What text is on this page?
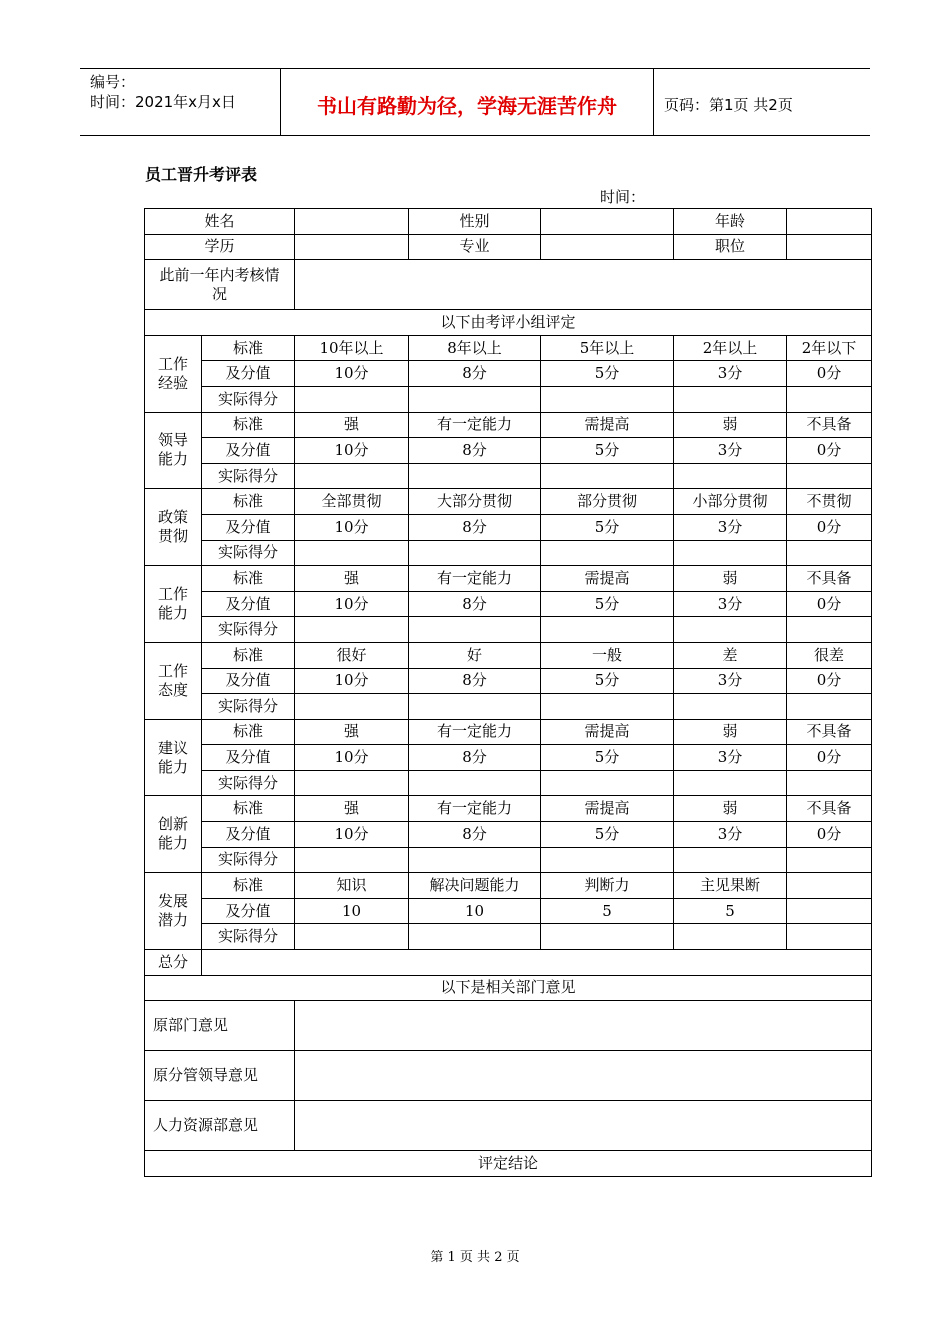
编号：
时间：2021年x月x日	书山有路勤为径，学海无涯苦作舟	页码：第1页 共2页
员工晋升考评表
时间：
姓名			性别		年龄	
学历			专业		职位	
此前一年内考核情况						
以下由考评小组评定						
工作经验	标准	10年以上	8年以上	5年以上	2年以上	2年以下
	及分值	10分	8分	5分	3分	0分
	实际得分					
领导能力	标准	强	有一定能力	需提高	弱	不具备
	及分值	10分	8分	5分	3分	0分
	实际得分					
政策贯彻	标准	全部贯彻	大部分贯彻	部分贯彻	小部分贯彻	不贯彻
	及分值	10分	8分	5分	3分	0分
	实际得分					
工作能力	标准	强	有一定能力	需提高	弱	不具备
	及分值	10分	8分	5分	3分	0分
	实际得分					
工作态度	标准	很好	好	一般	差	很差
	及分值	10分	8分	5分	3分	0分
	实际得分					
建议能力	标准	强	有一定能力	需提高	弱	不具备
	及分值	10分	8分	5分	3分	0分
	实际得分					
创新能力	标准	强	有一定能力	需提高	弱	不具备
	及分值	10分	8分	5分	3分	0分
	实际得分					
发展潜力	标准	知识	解决问题能力	判断力	主见果断	
	及分值	10	10	5	5	
	实际得分					
总分						
以下是相关部门意见						
原部门意见						
原分管领导意见						
人力资源部意见						
评定结论						
第 1 页 共 2 页
